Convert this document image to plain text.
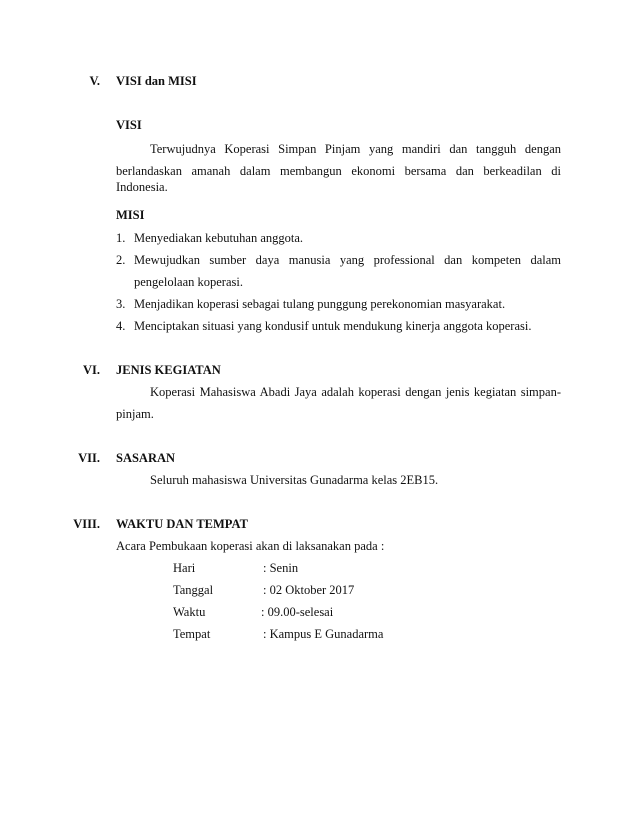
V. VISI dan MISI
VISI
Terwujudnya Koperasi Simpan Pinjam yang mandiri dan tangguh dengan
berlandaskan amanah dalam membangun ekonomi bersama dan berkeadilan di Indonesia.
MISI
1. Menyediakan kebutuhan anggota.
2. Mewujudkan sumber daya manusia yang professional dan kompeten dalam
pengelolaan koperasi.
3. Menjadikan koperasi sebagai tulang punggung perekonomian masyarakat.
4. Menciptakan situasi yang kondusif untuk mendukung kinerja anggota koperasi.
VI. JENIS KEGIATAN
Koperasi Mahasiswa Abadi Jaya adalah koperasi dengan jenis kegiatan simpan-
pinjam.
VII. SASARAN
Seluruh mahasiswa Universitas Gunadarma kelas 2EB15.
VIII. WAKTU DAN TEMPAT
Acara Pembukaan koperasi akan di laksanakan pada :
Hari	: Senin
Tanggal	: 02 Oktober 2017
Waktu	: 09.00-selesai
Tempat	: Kampus E Gunadarma
